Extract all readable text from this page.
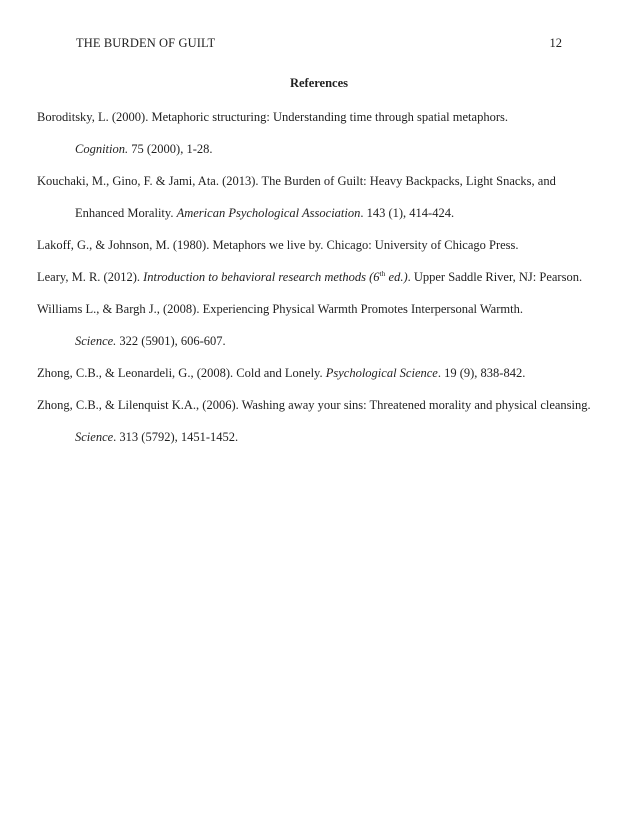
THE BURDEN OF GUILT	12
References
Boroditsky, L. (2000). Metaphoric structuring: Understanding time through spatial metaphors.
Cognition. 75 (2000), 1-28.
Kouchaki, M., Gino, F. & Jami, Ata. (2013). The Burden of Guilt: Heavy Backpacks, Light Snacks, and Enhanced Morality. American Psychological Association. 143 (1), 414-424.
Lakoff, G., & Johnson, M. (1980). Metaphors we live by. Chicago: University of Chicago Press.
Leary, M. R. (2012). Introduction to behavioral research methods (6th ed.). Upper Saddle River, NJ: Pearson.
Williams L., & Bargh J., (2008). Experiencing Physical Warmth Promotes Interpersonal Warmth.
Science. 322 (5901), 606-607.
Zhong, C.B., & Leonardeli, G., (2008). Cold and Lonely. Psychological Science. 19 (9), 838-842.
Zhong, C.B., & Lilenquist K.A., (2006). Washing away your sins: Threatened morality and physical cleansing. Science. 313 (5792), 1451-1452.
